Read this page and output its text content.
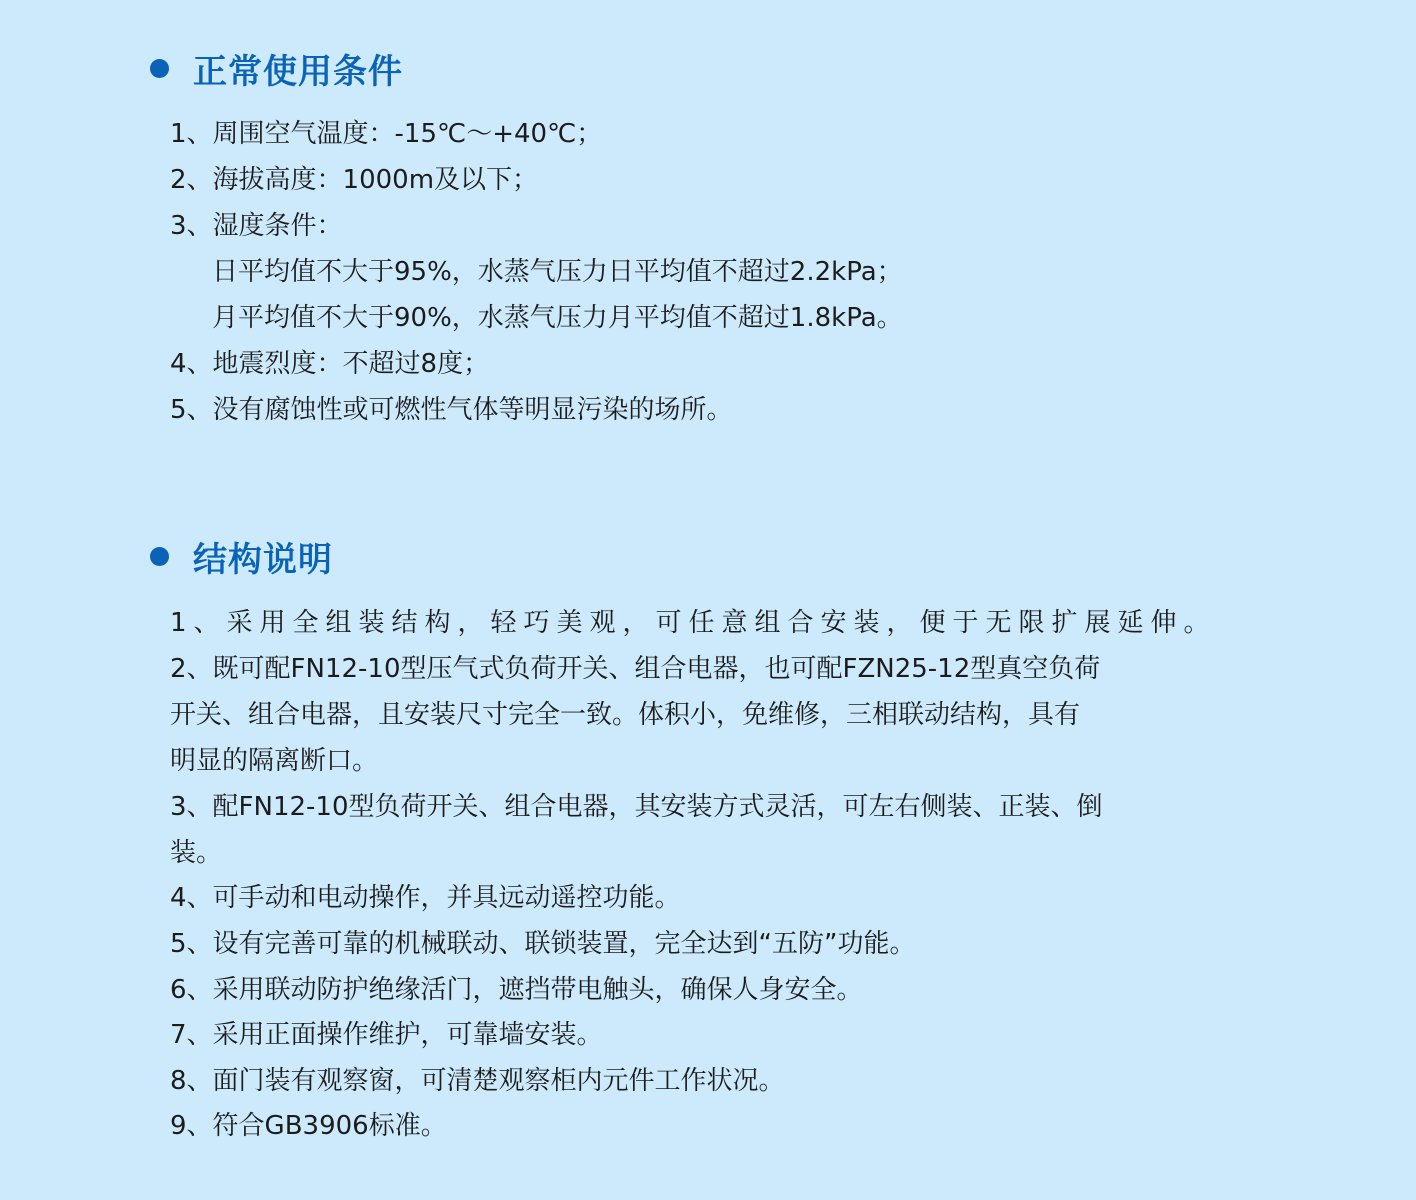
正常使用条件
1、周围空气温度：-15℃～+40℃；
2、海拔高度：1000m及以下；
3、湿度条件：
日平均值不大于95%，水蒸气压力日平均值不超过2.2kPa；
月平均值不大于90%，水蒸气压力月平均值不超过1.8kPa。
4、地震烈度：不超过8度；
5、没有腐蚀性或可燃性气体等明显污染的场所。
结构说明
1、采用全组装结构，轻巧美观，可任意组合安装，便于无限扩展延伸。
2、既可配FN12-10型压气式负荷开关、组合电器，也可配FZN25-12型真空负荷
开关、组合电器，且安装尺寸完全一致。体积小，免维修，三相联动结构，具有
明显的隔离断口。
3、配FN12-10型负荷开关、组合电器，其安装方式灵活，可左右侧装、正装、倒
装。
4、可手动和电动操作，并具远动遥控功能。
5、设有完善可靠的机械联动、联锁装置，完全达到“五防”功能。
6、采用联动防护绝缘活门，遮挡带电触头，确保人身安全。
7、采用正面操作维护，可靠墙安装。
8、面门装有观察窗，可清楚观察柜内元件工作状况。
9、符合GB3906标准。
